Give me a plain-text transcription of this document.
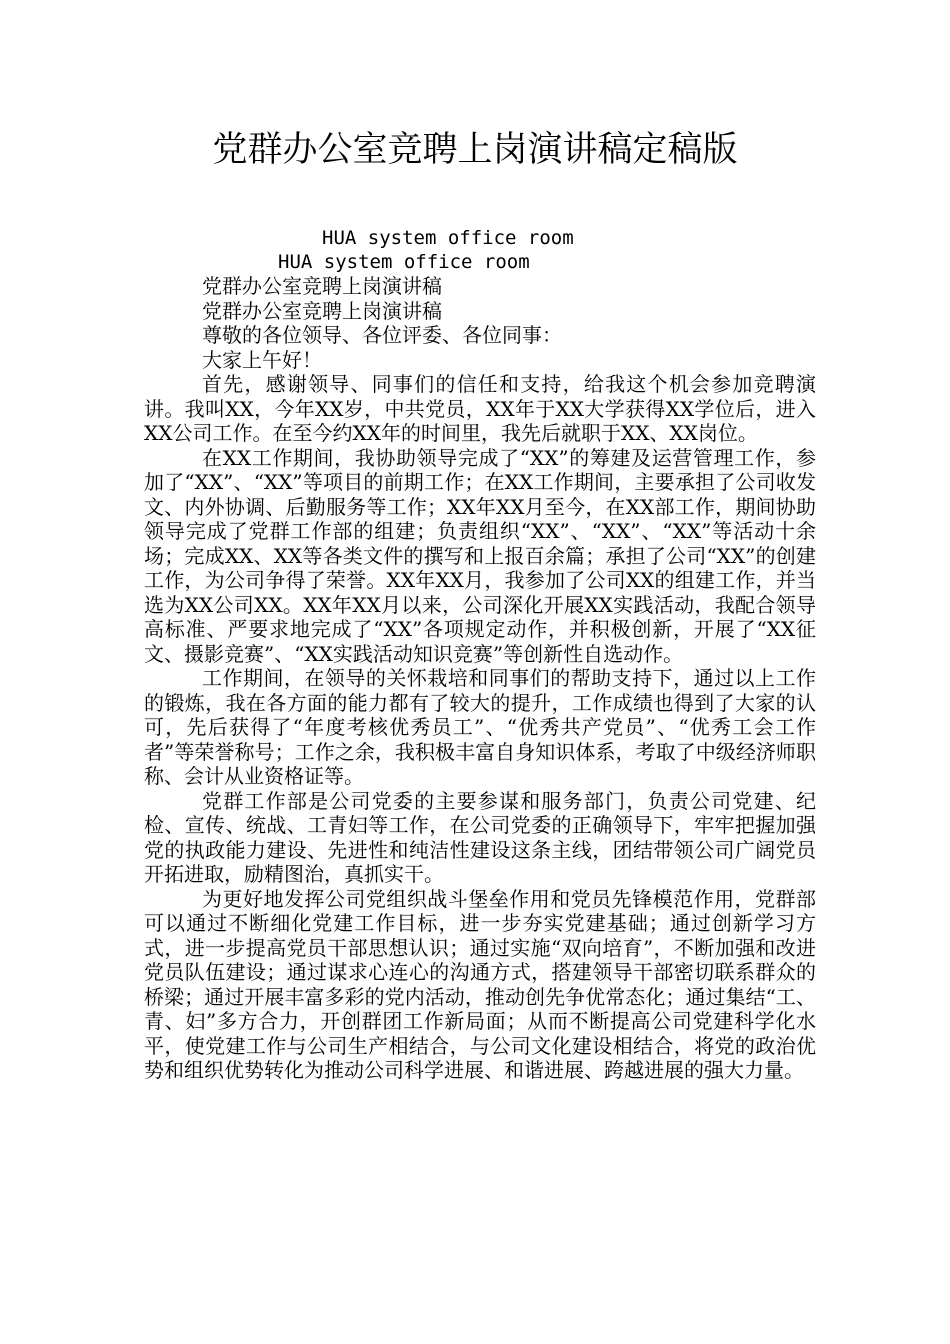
党群办公室竞聘上岗演讲稿定稿版
HUA system office room
HUA system office room
党群办公室竞聘上岗演讲稿
党群办公室竞聘上岗演讲稿
尊敬的各位领导、各位评委、各位同事：
大家上午好！

首先，感谢领导、同事们的信任和支持，给我这个机会参加竞聘演讲。我叫XX，今年XX岁，中共党员，XX年于XX大学获得XX学位后，进入XX公司工作。在至今约XX年的时间里，我先后就职于XX、XX岗位。

在XX工作期间，我协助领导完成了“XX”的筹建及运营管理工作，参加了“XX”、“XX”等项目的前期工作；在XX工作期间，主要承担了公司收发文、内外协调、后勤服务等工作；XX年XX月至今，在XX部工作，期间协助领导完成了党群工作部的组建；负责组织“XX”、“XX”、“XX”等活动十余场；完成XX、XX等各类文件的撰写和上报百余篇；承担了公司“XX”的创建工作，为公司争得了荣誉。XX年XX月，我参加了公司XX的组建工作，并当选为XX公司XX。XX年XX月以来，公司深化开展XX实践活动，我配合领导高标准、严要求地完成了“XX”各项规定动作，并积极创新，开展了“XX征文、摄影竞赛”、“XX实践活动知识竞赛”等创新性自选动作。

工作期间，在领导的关怀栽培和同事们的帮助支持下，通过以上工作的锻炼，我在各方面的能力都有了较大的提升，工作成绩也得到了大家的认可，先后获得了“年度考核优秀员工”、“优秀共产党员”、“优秀工会工作者”等荣誉称号；工作之余，我积极丰富自身知识体系，考取了中级经济师职称、会计从业资格证等。

党群工作部是公司党委的主要参谋和服务部门，负责公司党建、纪检、宣传、统战、工青妇等工作，在公司党委的正确领导下，牢牢把握加强党的执政能力建设、先进性和纯洁性建设这条主线，团结带领公司广阔党员开拓进取，励精图治，真抓实干。

为更好地发挥公司党组织战斗堡垒作用和党员先锋模范作用，党群部可以通过不断细化党建工作目标，进一步夯实党建基础；通过创新学习方式，进一步提高党员干部思想认识；通过实施“双向培育”，不断加强和改进党员队伍建设；通过谋求心连心的沟通方式，搭建领导干部密切联系群众的桥梁；通过开展丰富多彩的党内活动，推动创先争优常态化；通过集结“工、青、妇”多方合力，开创群团工作新局面；从而不断提高公司党建科学化水平，使党建工作与公司生产相结合，与公司文化建设相结合，将党的政治优势和组织优势转化为推动公司科学进展、和谐进展、跨越进展的强大力量。
